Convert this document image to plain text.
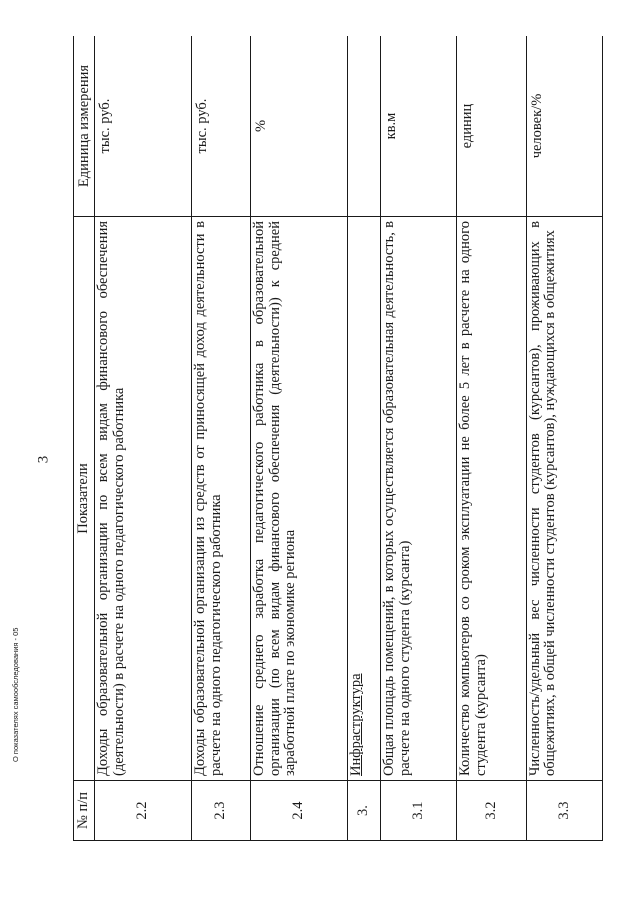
3
№ п/п	Показатели	Единица измерения
2.2	Доходы образовательной организации по всем видам финансового обеспечения (деятельности) в расчете на одного педагогического работника	тыс. руб.
2.3	Доходы образовательной организации из средств от приносящей доход деятельности в расчете на одного педагогического работника	тыс. руб.
2.4	Отношение среднего заработка педагогического работника в образовательной организации (по всем видам финансового обеспечения (деятельности)) к средней заработной плате по экономике региона	%
3.	Инфраструктура	
3.1	Общая площадь помещений, в которых осуществляется образовательная деятельность, в расчете на одного студента (курсанта)	кв.м
3.2	Количество компьютеров со сроком эксплуатации не более 5 лет в расчете на одного студента (курсанта)	единиц
3.3	Численность/удельный вес численности студентов (курсантов), проживающих в общежитиях, в общей численности студентов (курсантов), нуждающихся в общежитиях	человек/%
О показателях самообследования - 05
